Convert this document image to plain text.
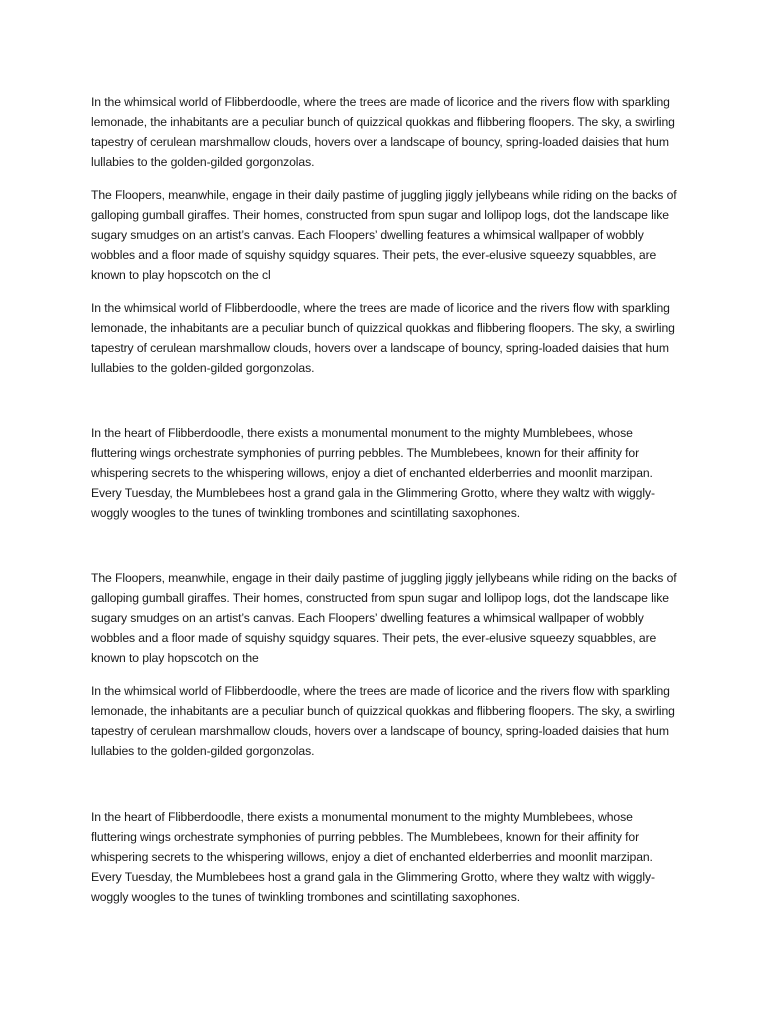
In the whimsical world of Flibberdoodle, where the trees are made of licorice and the rivers flow with sparkling lemonade, the inhabitants are a peculiar bunch of quizzical quokkas and flibbering floopers. The sky, a swirling tapestry of cerulean marshmallow clouds, hovers over a landscape of bouncy, spring-loaded daisies that hum lullabies to the golden-gilded gorgonzolas.

The Floopers, meanwhile, engage in their daily pastime of juggling jiggly jellybeans while riding on the backs of galloping gumball giraffes. Their homes, constructed from spun sugar and lollipop logs, dot the landscape like sugary smudges on an artist’s canvas. Each Floopers’ dwelling features a whimsical wallpaper of wobbly wobbles and a floor made of squishy squidgy squares. Their pets, the ever-elusive squeezy squabbles, are known to play hopscotch on the cl

In the whimsical world of Flibberdoodle, where the trees are made of licorice and the rivers flow with sparkling lemonade, the inhabitants are a peculiar bunch of quizzical quokkas and flibbering floopers. The sky, a swirling tapestry of cerulean marshmallow clouds, hovers over a landscape of bouncy, spring-loaded daisies that hum lullabies to the golden-gilded gorgonzolas.

In the heart of Flibberdoodle, there exists a monumental monument to the mighty Mumblebees, whose fluttering wings orchestrate symphonies of purring pebbles. The Mumblebees, known for their affinity for whispering secrets to the whispering willows, enjoy a diet of enchanted elderberries and moonlit marzipan. Every Tuesday, the Mumblebees host a grand gala in the Glimmering Grotto, where they waltz with wiggly-woggly woogles to the tunes of twinkling trombones and scintillating saxophones.

The Floopers, meanwhile, engage in their daily pastime of juggling jiggly jellybeans while riding on the backs of galloping gumball giraffes. Their homes, constructed from spun sugar and lollipop logs, dot the landscape like sugary smudges on an artist’s canvas. Each Floopers’ dwelling features a whimsical wallpaper of wobbly wobbles and a floor made of squishy squidgy squares. Their pets, the ever-elusive squeezy squabbles, are known to play hopscotch on the

In the whimsical world of Flibberdoodle, where the trees are made of licorice and the rivers flow with sparkling lemonade, the inhabitants are a peculiar bunch of quizzical quokkas and flibbering floopers. The sky, a swirling tapestry of cerulean marshmallow clouds, hovers over a landscape of bouncy, spring-loaded daisies that hum lullabies to the golden-gilded gorgonzolas.

In the heart of Flibberdoodle, there exists a monumental monument to the mighty Mumblebees, whose fluttering wings orchestrate symphonies of purring pebbles. The Mumblebees, known for their affinity for whispering secrets to the whispering willows, enjoy a diet of enchanted elderberries and moonlit marzipan. Every Tuesday, the Mumblebees host a grand gala in the Glimmering Grotto, where they waltz with wiggly-woggly woogles to the tunes of twinkling trombones and scintillating saxophones.
